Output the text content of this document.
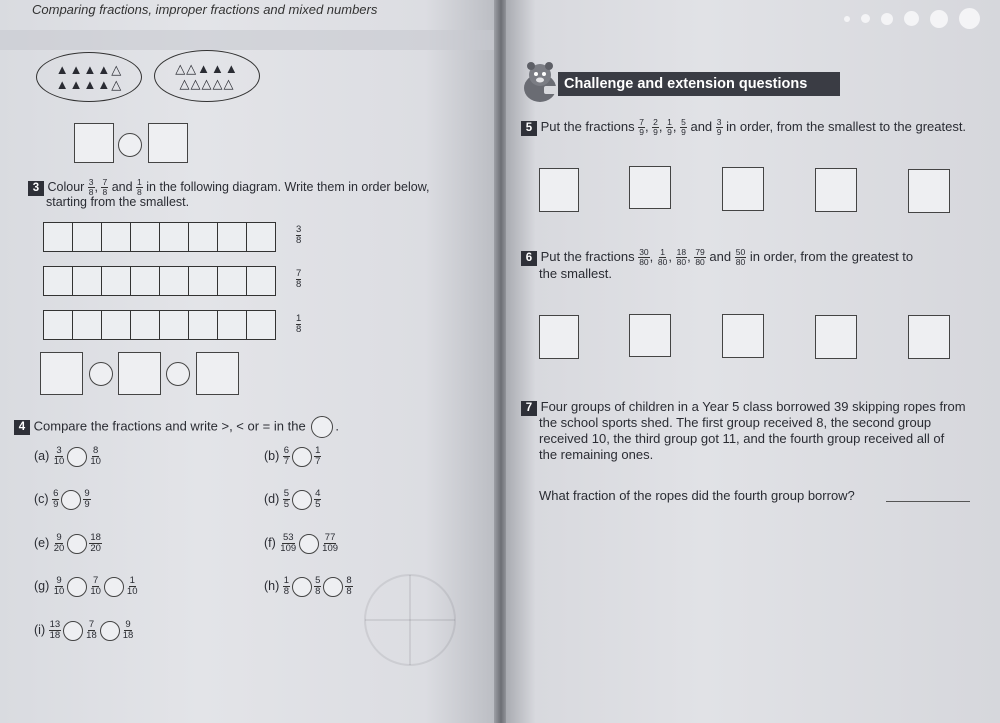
Comparing fractions, improper fractions and mixed numbers
▲▲▲▲△
▲▲▲▲△
△△▲▲▲
△△△△△
3 Colour $\frac{3}{8}$ , $\frac{7}{8}$ and $\frac{1}{8}$ in the following diagram. Write them in order below,
starting from the smallest.
3
8
7
8
1
8
4 Compare the fractions and write >, < or = in the .
$(a) \frac{3}{10}$	$\frac{8}{10}$	$(b) \frac{6}{7}$	$\frac{1}{7}$
$(c) \frac{6}{9}$	$\frac{9}{9}$	$(d) \frac{5}{5}$	$\frac{4}{5}$
$(e) \frac{9}{20}$	$\frac{18}{20}$	$(f) \frac{53}{109}$	$\frac{77}{109}$
$(g) \frac{9}{10}$	$\frac{7}{10}$	$\frac{1}{10}$	$(h) \frac{1}{8}$	$\frac{5}{8}$	$\frac{8}{8}$
$(i) \frac{13}{18}$	$\frac{7}{18}$	$\frac{9}{18}$
Challenge and extension questions
5 Put the fractions $\frac{7}{9}$ , $\frac{2}{9}$ , $\frac{1}{9}$ , $\frac{5}{9}$ and $\frac{3}{9}$ in order, from the smallest to the greatest.
6 Put the fractions $\frac{30}{80}$ , $\frac{1}{80}$ , $\frac{18}{80}$ , $\frac{79}{80}$ and $\frac{50}{80}$ in order, from the greatest to
the smallest.
7 Four groups of children in a Year 5 class borrowed 39 skipping ropes from
the school sports shed. The first group received 8, the second group
received 10, the third group got 11, and the fourth group received all of
the remaining ones.
What fraction of the ropes did the fourth group borrow?
